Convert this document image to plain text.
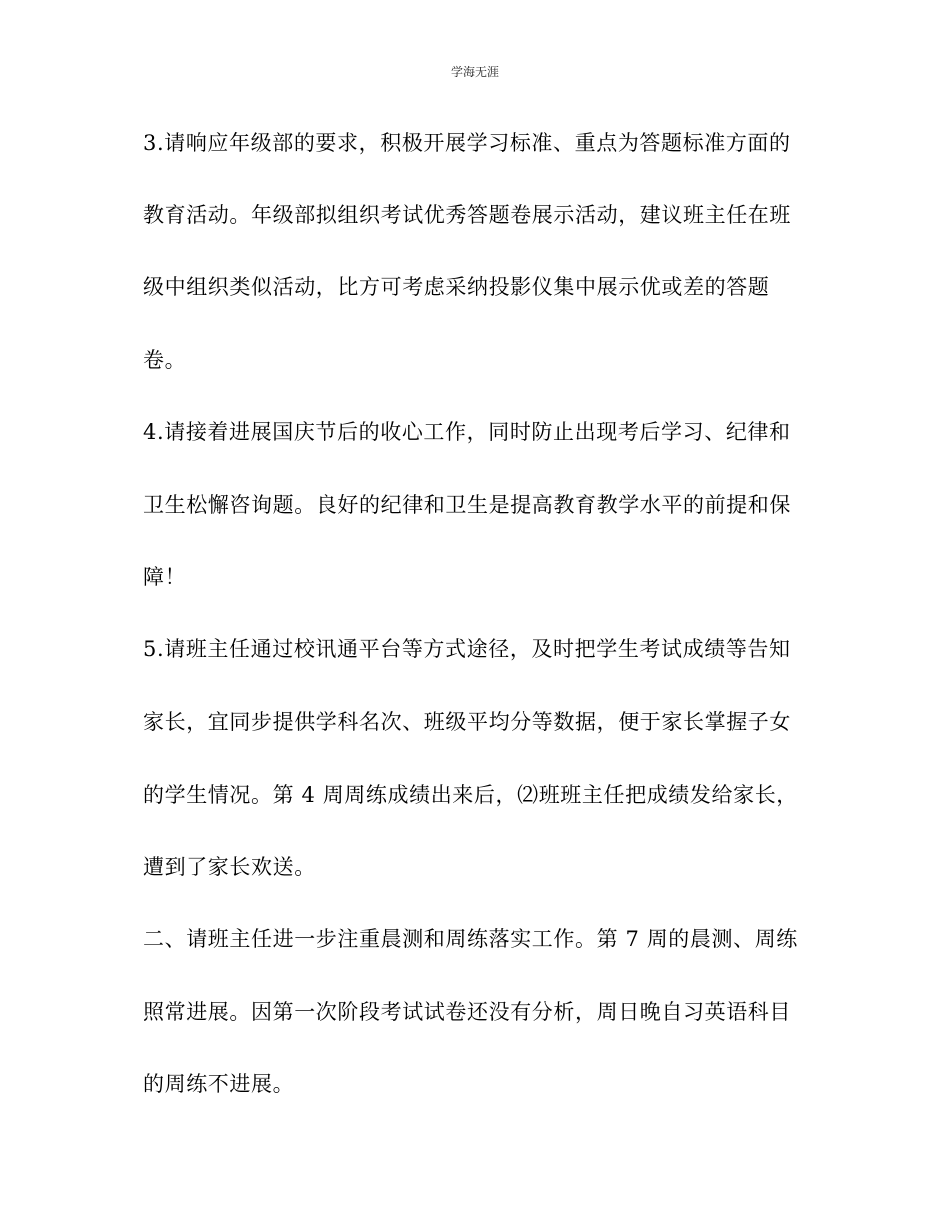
学海无涯
3.请响应年级部的要求，积极开展学习标准、重点为答题标准方面的
教育活动。年级部拟组织考试优秀答题卷展示活动，建议班主任在班
级中组织类似活动，比方可考虑采纳投影仪集中展示优或差的答题
卷。
4.请接着进展国庆节后的收心工作，同时防止出现考后学习、纪律和
卫生松懈咨询题。良好的纪律和卫生是提高教育教学水平的前提和保
障！
5.请班主任通过校讯通平台等方式途径，及时把学生考试成绩等告知
家长，宜同步提供学科名次、班级平均分等数据，便于家长掌握子女
的学生情况。第 4 周周练成绩出来后，⑵班班主任把成绩发给家长，
遭到了家长欢送。
二、请班主任进一步注重晨测和周练落实工作。第 7 周的晨测、周练
照常进展。因第一次阶段考试试卷还没有分析，周日晚自习英语科目
的周练不进展。
